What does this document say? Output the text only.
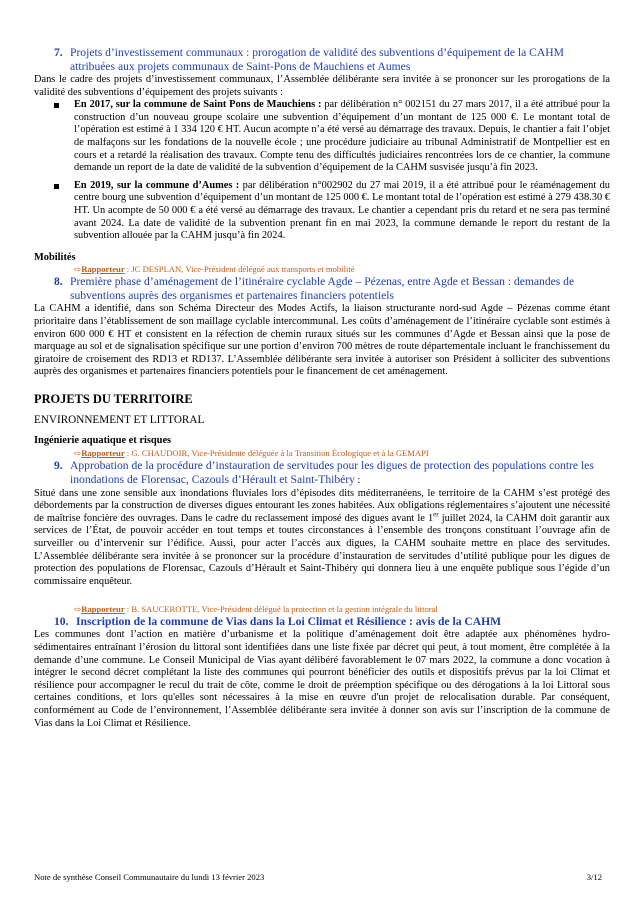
7. Projets d’investissement communaux : prorogation de validité des subventions d’équipement de la CAHM attribuées aux projets communaux de Saint-Pons de Mauchiens et Aumes

Dans le cadre des projets d’investissement communaux, l’Assemblée délibérante sera invitée à se prononcer sur les prorogations de la validité des subventions d’équipement des projets suivants :

En 2017, sur la commune de Saint Pons de Mauchiens : par délibération n° 002151 du 27 mars 2017, il a été attribué pour la construction d’un nouveau groupe scolaire une subvention d’équipement d’un montant de 125 000 €. Le montant total de l’opération est estimé à 1 334 120 € HT. Aucun acompte n’a été versé au démarrage des travaux. Depuis, le chantier a fait l’objet de malfaçons sur les fondations de la nouvelle école ; une procédure judiciaire au tribunal Administratif de Montpellier est en cours et a retardé la réalisation des travaux. Compte tenu des difficultés judiciaires rencontrées lors de ce chantier, la commune demande un report de la date de validité de la subvention d’équipement de la CAHM susvisée jusqu’à fin 2023.
En 2019, sur la commune d’Aumes : par délibération n°002902 du 27 mai 2019, il a été attribué pour le réaménagement du centre bourg une subvention d’équipement d’un montant de 125 000 €. Le montant total de l’opération est estimé à 279 438.30 € HT. Un acompte de 50 000 € a été versé au démarrage des travaux. Le chantier a cependant pris du retard et ne sera pas terminé avant 2024. La date de validité de la subvention prenant fin en mai 2023, la commune demande le report du restant de la subvention allouée par la CAHM jusqu’à fin 2024.
Mobilités
⇨Rapporteur : JC DESPLAN, Vice-Président délégué aux transports et mobilité
8. Première phase d’aménagement de l’itinéraire cyclable Agde – Pézenas, entre Agde et Bessan : demandes de subventions auprès des organismes et partenaires financiers potentiels

La CAHM a identifié, dans son Schéma Directeur des Modes Actifs, la liaison structurante nord-sud Agde – Pézenas comme étant prioritaire dans l’établissement de son maillage cyclable intercommunal. Les coûts d’aménagement de l’itinéraire cyclable sont estimés à environ 600 000 € HT et consistent en la réfection de chemin ruraux situés sur les communes d’Agde et Bessan ainsi que la pose de marquage au sol et de signalisation spécifique sur une portion d’environ 700 mètres de route départementale incluant le franchissement du giratoire de croisement des RD13 et RD137. L’Assemblée délibérante sera invitée à autoriser son Président à solliciter des subventions auprès des organismes et partenaires financiers potentiels pour le financement de cet aménagement.

PROJETS DU TERRITOIRE
ENVIRONNEMENT ET LITTORAL
Ingénierie aquatique et risques
⇨Rapporteur : G. CHAUDOIR, Vice-Présidente déléguée à la Transition Écologique et à la GEMAPI
9. Approbation de la procédure d’instauration de servitudes pour les digues de protection des populations contre les inondations de Florensac, Cazouls d’Hérault et Saint-Thibéry :

Situé dans une zone sensible aux inondations fluviales lors d’épisodes dits méditerranéens, le territoire de la CAHM s’est protégé des débordements par la construction de diverses digues entourant les zones habitées. Aux obligations réglementaires s’ajoutent une nécessité de maîtrise foncière des ouvrages. Dans le cadre du reclassement imposé des digues avant le 1er juillet 2024, la CAHM doit garantir aux services de l’État, de pouvoir accéder en tout temps et toutes circonstances à l’ensemble des tronçons constituant l’ouvrage afin de surveiller ou d’intervenir sur l’édifice. Aussi, pour acter l’accès aux digues, la CAHM souhaite mettre en place des servitudes. L’Assemblée délibérante sera invitée à se prononcer sur la procédure d’instauration de servitudes d’utilité publique pour les digues de protection des populations de Florensac, Cazouls d’Hérault et Saint-Thibéry qui donnera lieu à une enquête publique sous l’égide d’un commissaire enquêteur.

⇨Rapporteur : B. SAUCEROTTE, Vice-Président délégué la protection et la gestion intégrale du littoral
10. Inscription de la commune de Vias dans la Loi Climat et Résilience : avis de la CAHM

Les communes dont l’action en matière d’urbanisme et la politique d’aménagement doit être adaptée aux phénomènes hydro-sédimentaires entraînant l’érosion du littoral sont identifiées dans une liste fixée par décret qui peut, à tout moment, être complétée à la demande d’une commune. Le Conseil Municipal de Vias ayant délibéré favorablement le 07 mars 2022, la commune a donc vocation à intégrer le second décret complétant la liste des communes qui pourront bénéficier des outils et dispositifs prévus par la loi Climat et résilience pour accompagner le recul du trait de côte, comme le droit de préemption spécifique ou des dérogations à la loi Littoral sous certaines conditions, et lors qu'elles sont nécessaires à la mise en œuvre d'un projet de relocalisation durable. Par conséquent, conformément au Code de l’environnement, l’Assemblée délibérante sera invitée à donner son avis sur l’inscription de la commune de Vias dans la Loi Climat et Résilience.

Note de synthèse Conseil Communautaire du lundi 13 février 2023	3/12
